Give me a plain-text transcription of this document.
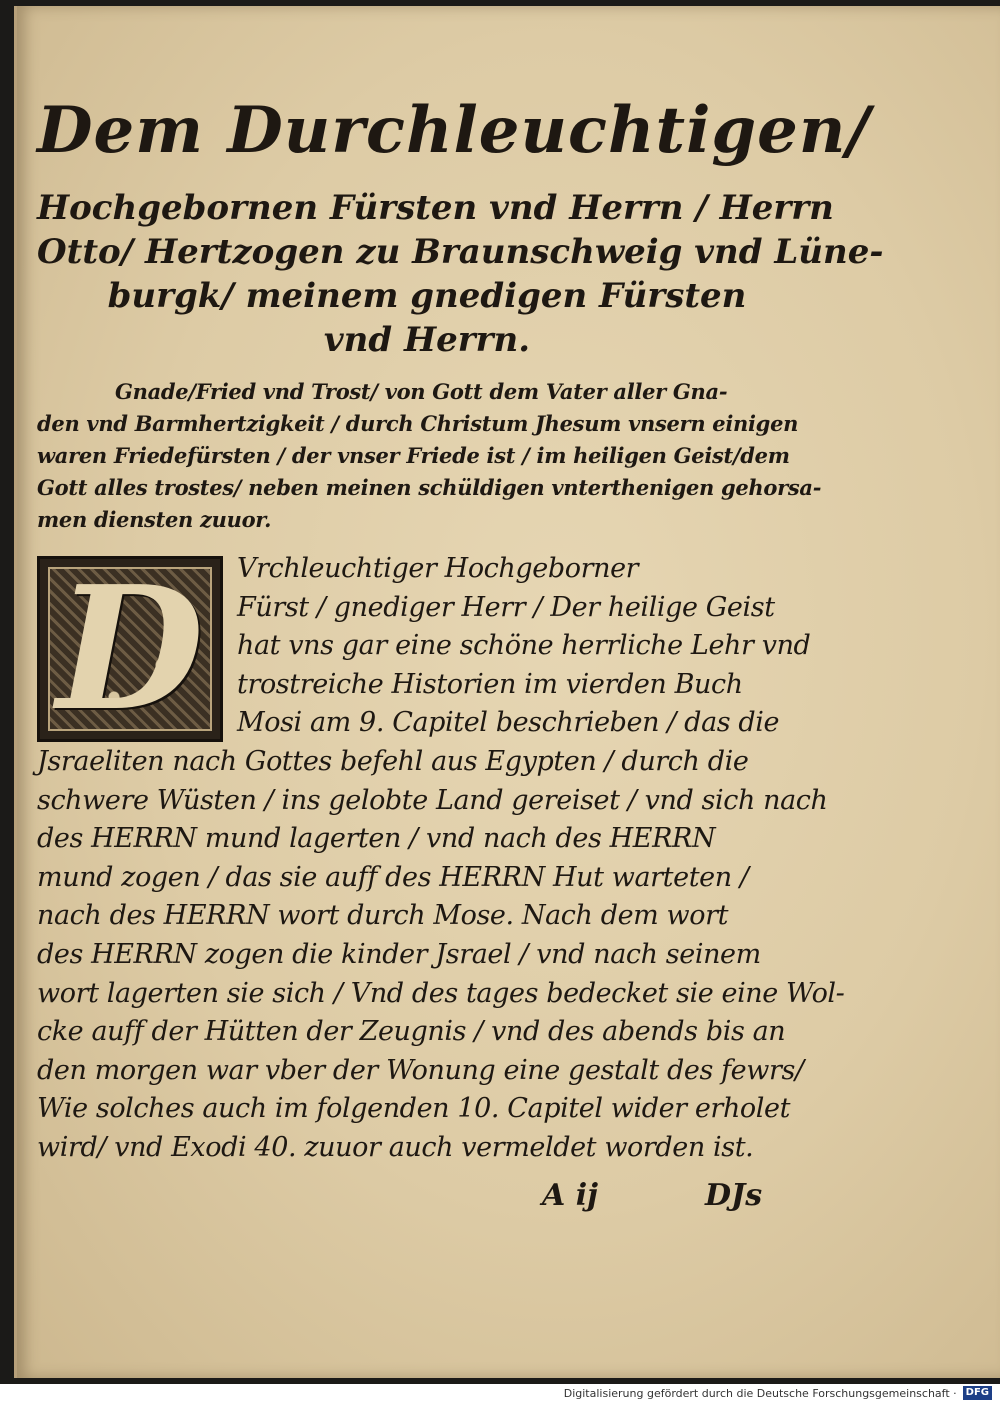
Dem Durchleuchtigen/
Hochgebornen Fürsten vnd Herrn / Herrn
Otto/ Hertzogen zu Braunschweig vnd Lüne-
burgk/ meinem gnedigen Fürsten
vnd Herrn.
Gnade/Fried vnd Trost/ von Gott dem Vater aller Gna-
den vnd Barmhertzigkeit / durch Christum Jhesum vnsern einigen
waren Friedefürsten / der vnser Friede ist / im heiligen Geist/dem
Gott alles trostes/ neben meinen schüldigen vnterthenigen gehorsa-
men diensten zuuor.
D	Vrchleuchtiger Hochgeborner
Fürst / gnediger Herr / Der heilige Geist
hat vns gar eine schöne herrliche Lehr vnd
trostreiche Historien im vierden Buch
Mosi am 9. Capitel beschrieben / das die
Jsraeliten nach Gottes befehl aus Egypten / durch die
schwere Wüsten / ins gelobte Land gereiset / vnd sich nach
des HERRN mund lagerten / vnd nach des HERRN
mund zogen / das sie auff des HERRN Hut warteten /
nach des HERRN wort durch Mose. Nach dem wort
des HERRN zogen die kinder Jsrael / vnd nach seinem
wort lagerten sie sich / Vnd des tages bedecket sie eine Wol-
cke auff der Hütten der Zeugnis / vnd des abends bis an
den morgen war vber der Wonung eine gestalt des fewrs/
Wie solches auch im folgenden 10. Capitel wider erholet
wird/ vnd Exodi 40. zuuor auch vermeldet worden ist.
A ij	DJs
Digitalisierung gefördert durch die Deutsche Forschungsgemeinschaft · DFG
